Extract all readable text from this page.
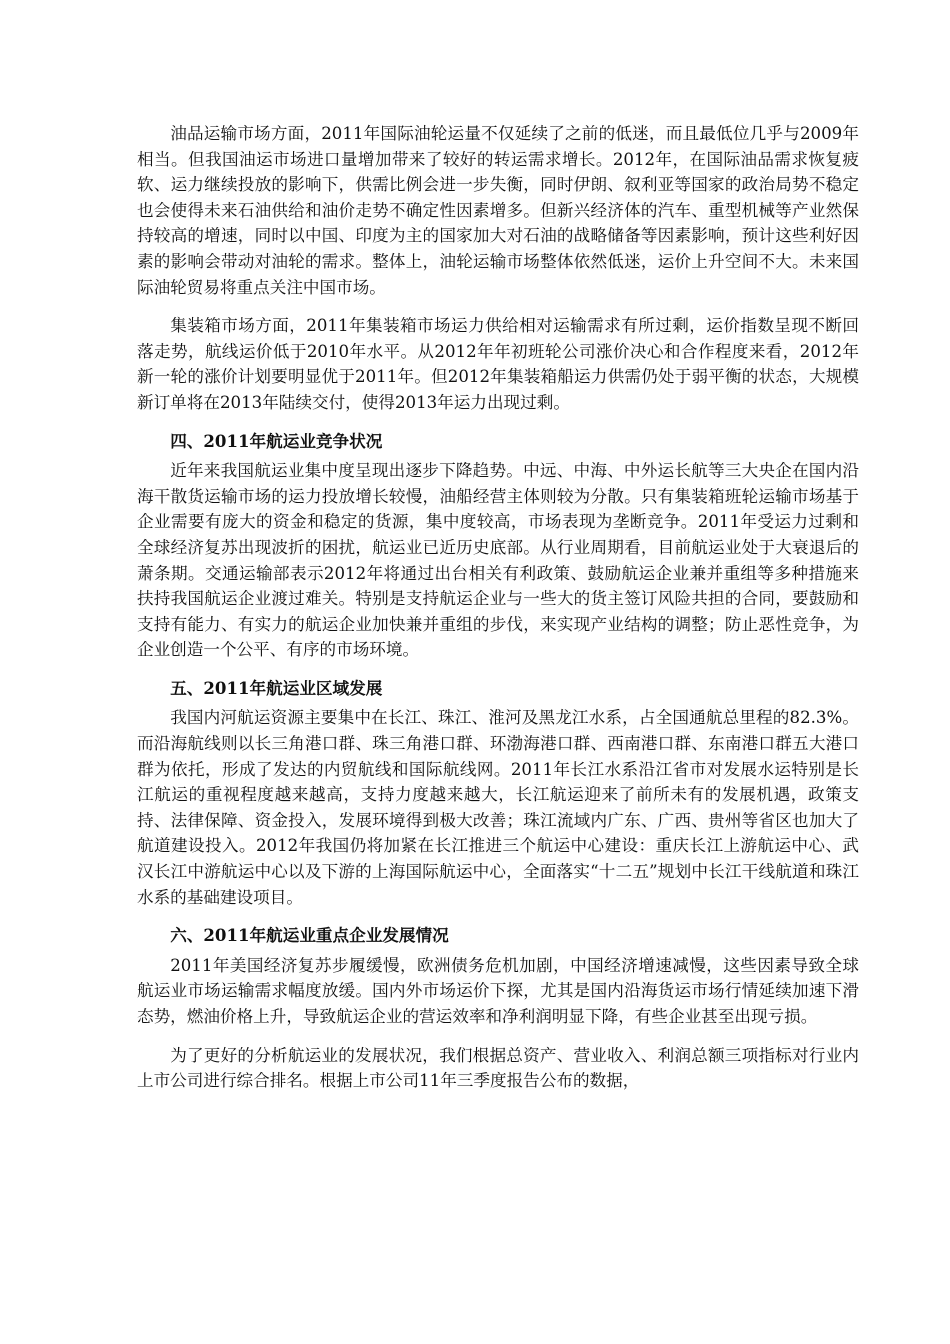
油品运输市场方面，2011年国际油轮运量不仅延续了之前的低迷，而且最低位几乎与2009年相当。但我国油运市场进口量增加带来了较好的转运需求增长。2012年，在国际油品需求恢复疲软、运力继续投放的影响下，供需比例会进一步失衡，同时伊朗、叙利亚等国家的政治局势不稳定也会使得未来石油供给和油价走势不确定性因素增多。但新兴经济体的汽车、重型机械等产业然保持较高的增速，同时以中国、印度为主的国家加大对石油的战略储备等因素影响，预计这些利好因素的影响会带动对油轮的需求。整体上，油轮运输市场整体依然低迷，运价上升空间不大。未来国际油轮贸易将重点关注中国市场。

集装箱市场方面，2011年集装箱市场运力供给相对运输需求有所过剩，运价指数呈现不断回落走势，航线运价低于2010年水平。从2012年年初班轮公司涨价决心和合作程度来看，2012年新一轮的涨价计划要明显优于2011年。但2012年集装箱船运力供需仍处于弱平衡的状态，大规模新订单将在2013年陆续交付，使得2013年运力出现过剩。

四、2011年航运业竞争状况

近年来我国航运业集中度呈现出逐步下降趋势。中远、中海、中外运长航等三大央企在国内沿海干散货运输市场的运力投放增长较慢，油船经营主体则较为分散。只有集装箱班轮运输市场基于企业需要有庞大的资金和稳定的货源，集中度较高，市场表现为垄断竞争。2011年受运力过剩和全球经济复苏出现波折的困扰，航运业已近历史底部。从行业周期看，目前航运业处于大衰退后的萧条期。交通运输部表示2012年将通过出台相关有利政策、鼓励航运企业兼并重组等多种措施来扶持我国航运企业渡过难关。特别是支持航运企业与一些大的货主签订风险共担的合同，要鼓励和支持有能力、有实力的航运企业加快兼并重组的步伐，来实现产业结构的调整；防止恶性竞争，为企业创造一个公平、有序的市场环境。

五、2011年航运业区域发展

我国内河航运资源主要集中在长江、珠江、淮河及黑龙江水系，占全国通航总里程的82.3%。而沿海航线则以长三角港口群、珠三角港口群、环渤海港口群、西南港口群、东南港口群五大港口群为依托，形成了发达的内贸航线和国际航线网。2011年长江水系沿江省市对发展水运特别是长江航运的重视程度越来越高，支持力度越来越大，长江航运迎来了前所未有的发展机遇，政策支持、法律保障、资金投入，发展环境得到极大改善；珠江流域内广东、广西、贵州等省区也加大了航道建设投入。2012年我国仍将加紧在长江推进三个航运中心建设：重庆长江上游航运中心、武汉长江中游航运中心以及下游的上海国际航运中心，全面落实“十二五”规划中长江干线航道和珠江水系的基础建设项目。

六、2011年航运业重点企业发展情况

2011年美国经济复苏步履缓慢，欧洲债务危机加剧，中国经济增速减慢，这些因素导致全球航运业市场运输需求幅度放缓。国内外市场运价下探，尤其是国内沿海货运市场行情延续加速下滑态势，燃油价格上升，导致航运企业的营运效率和净利润明显下降，有些企业甚至出现亏损。

为了更好的分析航运业的发展状况，我们根据总资产、营业收入、利润总额三项指标对行业内上市公司进行综合排名。根据上市公司11年三季度报告公布的数据，
